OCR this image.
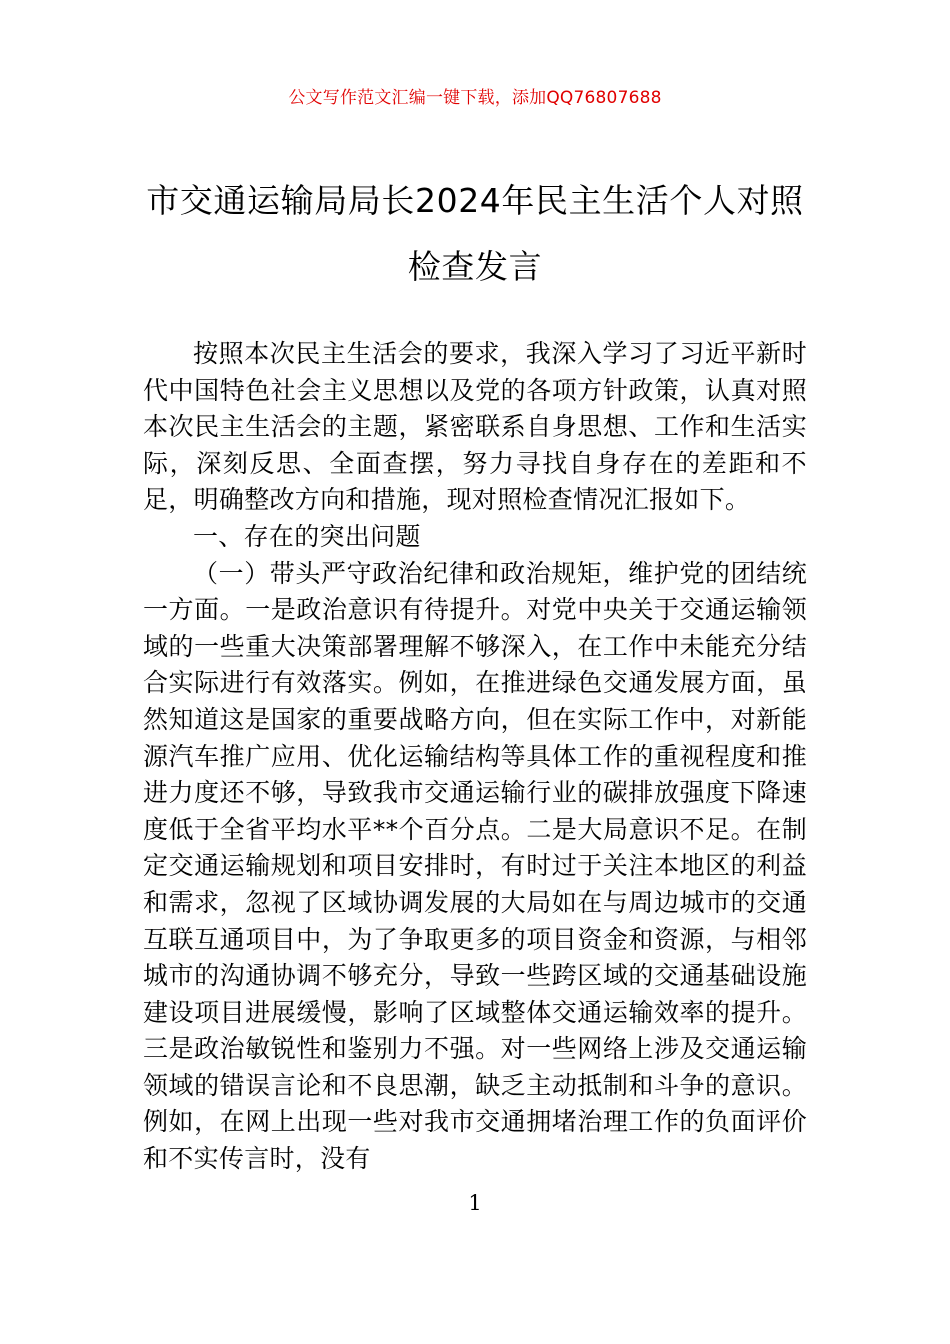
公文写作范文汇编一键下载，添加QQ76807688
市交通运输局局长2024年民主生活个人对照检查发言

按照本次民主生活会的要求，我深入学习了习近平新时代中国特色社会主义思想以及党的各项方针政策，认真对照本次民主生活会的主题，紧密联系自身思想、工作和生活实际，深刻反思、全面查摆，努力寻找自身存在的差距和不足，明确整改方向和措施，现对照检查情况汇报如下。

一、存在的突出问题

（一）带头严守政治纪律和政治规矩，维护党的团结统一方面。一是政治意识有待提升。对党中央关于交通运输领域的一些重大决策部署理解不够深入，在工作中未能充分结合实际进行有效落实。例如，在推进绿色交通发展方面，虽然知道这是国家的重要战略方向，但在实际工作中，对新能源汽车推广应用、优化运输结构等具体工作的重视程度和推进力度还不够，导致我市交通运输行业的碳排放强度下降速度低于全省平均水平**个百分点。二是大局意识不足。在制定交通运输规划和项目安排时，有时过于关注本地区的利益和需求，忽视了区域协调发展的大局如在与周边城市的交通互联互通项目中，为了争取更多的项目资金和资源，与相邻城市的沟通协调不够充分，导致一些跨区域的交通基础设施建设项目进展缓慢，影响了区域整体交通运输效率的提升。三是政治敏锐性和鉴别力不强。对一些网络上涉及交通运输领域的错误言论和不良思潮，缺乏主动抵制和斗争的意识。例如，在网上出现一些对我市交通拥堵治理工作的负面评价和不实传言时，没有

1
